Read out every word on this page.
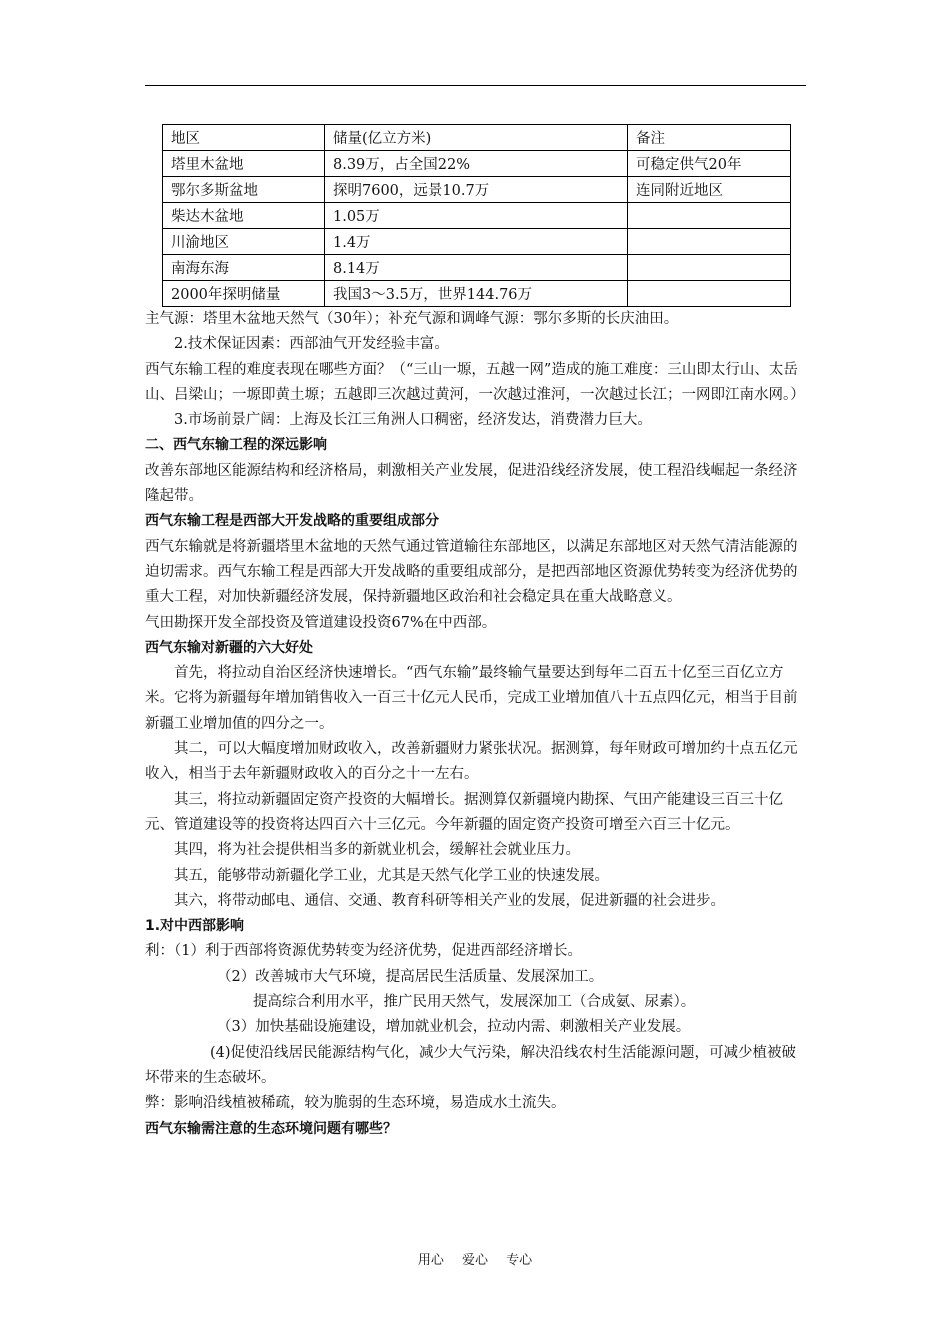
地区	储量(亿立方米)	备注
塔里木盆地	8.39万，占全国22%	可稳定供气20年
鄂尔多斯盆地	探明7600，远景10.7万	连同附近地区
柴达木盆地	1.05万	
川渝地区	1.4万	
南海东海	8.14万	
2000年探明储量	我国3～3.5万，世界144.76万	

主气源：塔里木盆地天然气（30年）；补充气源和调峰气源：鄂尔多斯的长庆油田。

2.技术保证因素：西部油气开发经验丰富。

西气东输工程的难度表现在哪些方面？（“三山一塬，五越一网”造成的施工难度：三山即太行山、太岳山、吕梁山；一塬即黄土塬；五越即三次越过黄河，一次越过淮河，一次越过长江；一网即江南水网。）

3.市场前景广阔：上海及长江三角洲人口稠密，经济发达，消费潜力巨大。

二、西气东输工程的深远影响

改善东部地区能源结构和经济格局，刺激相关产业发展，促进沿线经济发展，使工程沿线崛起一条经济隆起带。

西气东输工程是西部大开发战略的重要组成部分

西气东输就是将新疆塔里木盆地的天然气通过管道输往东部地区，以满足东部地区对天然气清洁能源的迫切需求。西气东输工程是西部大开发战略的重要组成部分，是把西部地区资源优势转变为经济优势的重大工程，对加快新疆经济发展，保持新疆地区政治和社会稳定具在重大战略意义。

气田勘探开发全部投资及管道建设投资67%在中西部。

西气东输对新疆的六大好处

首先，将拉动自治区经济快速增长。“西气东输”最终输气量要达到每年二百五十亿至三百亿立方米。它将为新疆每年增加销售收入一百三十亿元人民币，完成工业增加值八十五点四亿元，相当于目前新疆工业增加值的四分之一。

其二，可以大幅度增加财政收入，改善新疆财力紧张状况。据测算，每年财政可增加约十点五亿元收入，相当于去年新疆财政收入的百分之十一左右。

其三，将拉动新疆固定资产投资的大幅增长。据测算仅新疆境内勘探、气田产能建设三百三十亿元、管道建设等的投资将达四百六十三亿元。今年新疆的固定资产投资可增至六百三十亿元。

其四，将为社会提供相当多的新就业机会，缓解社会就业压力。

其五，能够带动新疆化学工业，尤其是天然气化学工业的快速发展。

其六，将带动邮电、通信、交通、教育科研等相关产业的发展，促进新疆的社会进步。

1.对中西部影响

利：（1）利于西部将资源优势转变为经济优势，促进西部经济增长。

（2）改善城市大气环境，提高居民生活质量、发展深加工。

提高综合利用水平，推广民用天然气，发展深加工（合成氨、尿素）。

（3）加快基础设施建设，增加就业机会，拉动内需、刺激相关产业发展。

(4)促使沿线居民能源结构气化，减少大气污染，解决沿线农村生活能源问题，可减少植被破坏带来的生态破坏。

弊：影响沿线植被稀疏，较为脆弱的生态环境，易造成水土流失。

西气东输需注意的生态环境问题有哪些？

用心 爱心 专心
